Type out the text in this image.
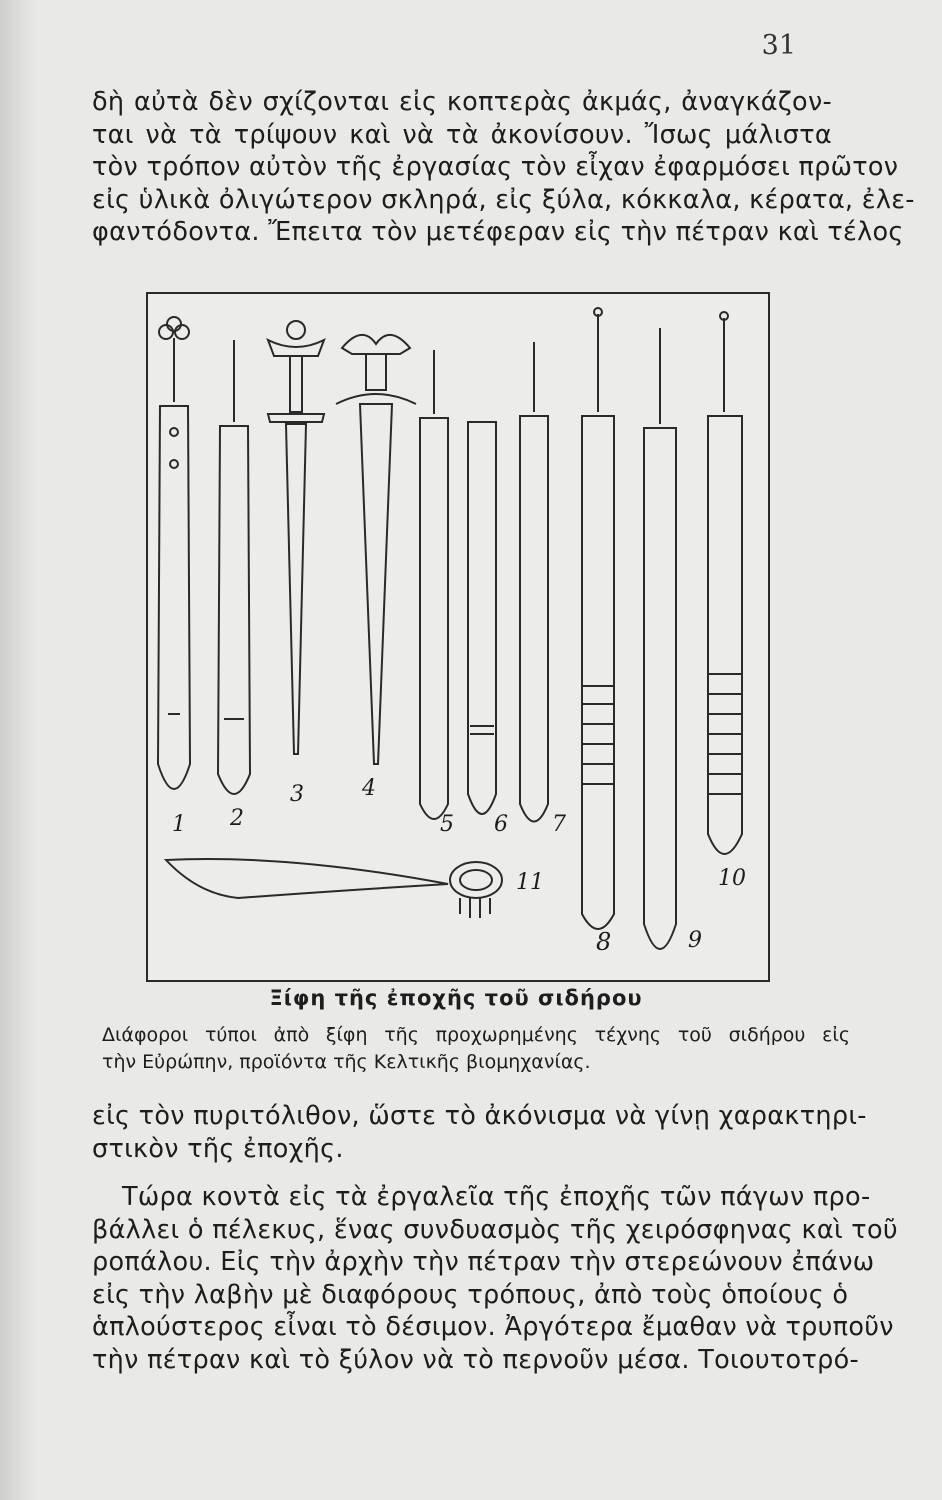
31
δὴ αὐτὰ δὲν σχίζονται εἰς κοπτερὰς ἀκμάς, ἀναγκάζον-
ται νὰ τὰ τρίψουν καὶ νὰ τὰ ἀκονίσουν. Ἴσως μάλιστα
τὸν τρόπον αὐτὸν τῆς ἐργασίας τὸν εἶχαν ἐφαρμόσει πρῶτον
εἰς ὑλικὰ ὀλιγώτερον σκληρά, εἰς ξύλα, κόκκαλα, κέρατα, ἐλε-
φαντόδοντα. Ἔπειτα τὸν μετέφεραν εἰς τὴν πέτραν καὶ τέλος
Ξίφη τῆς ἐποχῆς τοῦ σιδήρου
Διάφοροι τύποι ἀπὸ ξίφη τῆς προχωρημένης τέχνης τοῦ σιδήρου εἰς
τὴν Εὐρώπην, προϊόντα τῆς Κελτικῆς βιομηχανίας.
εἰς τὸν πυριτόλιθον, ὥστε τὸ ἀκόνισμα νὰ γίνῃ χαρακτηρι-
στικὸν τῆς ἐποχῆς.
Τώρα κοντὰ εἰς τὰ ἐργαλεῖα τῆς ἐποχῆς τῶν πάγων προ-
βάλλει ὁ πέλεκυς, ἕνας συνδυασμὸς τῆς χειρόσφηνας καὶ τοῦ
ροπάλου. Εἰς τὴν ἀρχὴν τὴν πέτραν τὴν στερεώνουν ἐπάνω
εἰς τὴν λαβὴν μὲ διαφόρους τρόπους, ἀπὸ τοὺς ὁποίους ὁ
ἁπλούστερος εἶναι τὸ δέσιμον. Ἀργότερα ἔμαθαν νὰ τρυποῦν
τὴν πέτραν καὶ τὸ ξύλον νὰ τὸ περνοῦν μέσα. Τοιουτοτρό-
1 2
3	4
5 6 7
8	9
10
11
